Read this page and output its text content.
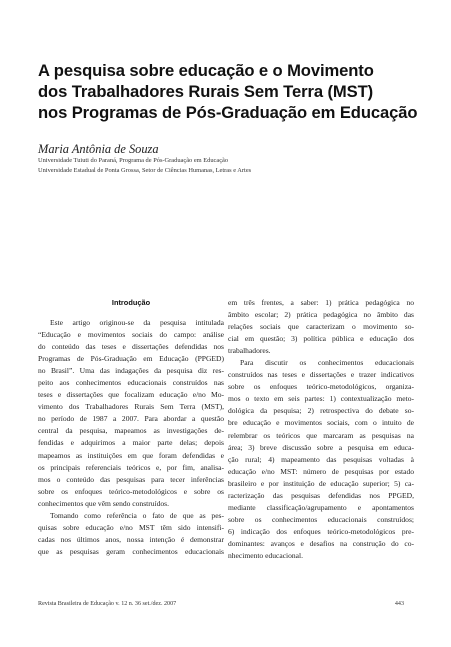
A pesquisa sobre educação e o Movimento
dos Trabalhadores Rurais Sem Terra (MST)
nos Programas de Pós-Graduação em Educação
Maria Antônia de Souza
Universidade Tuiuti do Paraná, Programa de Pós-Graduação em Educação
Universidade Estadual de Ponta Grossa, Setor de Ciências Humanas, Letras e Artes
Introdução
Este artigo originou-se da pesquisa intitulada
“Educação e movimentos sociais do campo: análise
do conteúdo das teses e dissertações defendidas nos
Programas de Pós-Graduação em Educação (PPGED)
no Brasil”. Uma das indagações da pesquisa diz res-
peito aos conhecimentos educacionais construídos nas
teses e dissertações que focalizam educação e/no Mo-
vimento dos Trabalhadores Rurais Sem Terra (MST),
no período de 1987 a 2007. Para abordar a questão
central da pesquisa, mapeamos as investigações de-
fendidas e adquirimos a maior parte delas; depois
mapeamos as instituições em que foram defendidas e
os principais referenciais teóricos e, por fim, analisa-
mos o conteúdo das pesquisas para tecer inferências
sobre os enfoques teórico-metodológicos e sobre os
conhecimentos que vêm sendo construídos.
Tomando como referência o fato de que as pes-
quisas sobre educação e/no MST têm sido intensifi-
cadas nos últimos anos, nossa intenção é demonstrar
que as pesquisas geram conhecimentos educacionais
em três frentes, a saber: 1) prática pedagógica no
âmbito escolar; 2) prática pedagógica no âmbito das
relações sociais que caracterizam o movimento so-
cial em questão; 3) política pública e educação dos
trabalhadores.
Para discutir os conhecimentos educacionais
construídos nas teses e dissertações e trazer indicativos
sobre os enfoques teórico-metodológicos, organiza-
mos o texto em seis partes: 1) contextualização meto-
dológica da pesquisa; 2) retrospectiva do debate so-
bre educação e movimentos sociais, com o intuito de
relembrar os teóricos que marcaram as pesquisas na
área; 3) breve discussão sobre a pesquisa em educa-
ção rural; 4) mapeamento das pesquisas voltadas à
educação e/no MST: número de pesquisas por estado
brasileiro e por instituição de educação superior; 5) ca-
racterização das pesquisas defendidas nos PPGED,
mediante classificação/agrupamento e apontamentos
sobre os conhecimentos educacionais construídos;
6) indicação dos enfoques teórico-metodológicos pre-
dominantes: avanços e desafios na construção do co-
nhecimento educacional.
Revista Brasileira de Educação v. 12 n. 36 set./dez. 2007	443
